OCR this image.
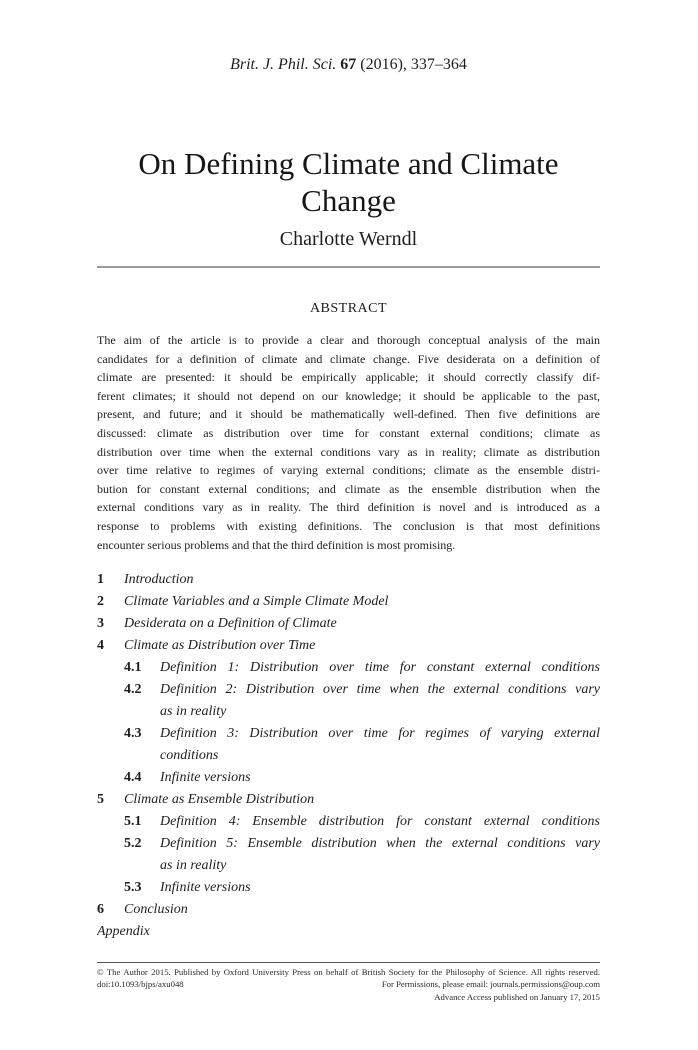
Brit. J. Phil. Sci. 67 (2016), 337–364
On Defining Climate and Climate Change
Charlotte Werndl
ABSTRACT
The aim of the article is to provide a clear and thorough conceptual analysis of the main
candidates for a definition of climate and climate change. Five desiderata on a definition of
climate are presented: it should be empirically applicable; it should correctly classify dif-
ferent climates; it should not depend on our knowledge; it should be applicable to the past,
present, and future; and it should be mathematically well-defined. Then five definitions are
discussed: climate as distribution over time for constant external conditions; climate as
distribution over time when the external conditions vary as in reality; climate as distribution
over time relative to regimes of varying external conditions; climate as the ensemble distri-
bution for constant external conditions; and climate as the ensemble distribution when the
external conditions vary as in reality. The third definition is novel and is introduced as a
response to problems with existing definitions. The conclusion is that most definitions
encounter serious problems and that the third definition is most promising.
1	Introduction
2	Climate Variables and a Simple Climate Model
3	Desiderata on a Definition of Climate
4	Climate as Distribution over Time
4.1	Definition 1: Distribution over time for constant external conditions
4.2	Definition 2: Distribution over time when the external conditions vary
as in reality
4.3	Definition 3: Distribution over time for regimes of varying external
conditions
4.4	Infinite versions
5	Climate as Ensemble Distribution
5.1	Definition 4: Ensemble distribution for constant external conditions
5.2	Definition 5: Ensemble distribution when the external conditions vary
as in reality
5.3	Infinite versions
6	Conclusion
Appendix
© The Author 2015. Published by Oxford University Press on behalf of British Society for the Philosophy of Science. All rights reserved.
doi:10.1093/bjps/axu048	For Permissions, please email: journals.permissions@oup.com
Advance Access published on January 17, 2015
